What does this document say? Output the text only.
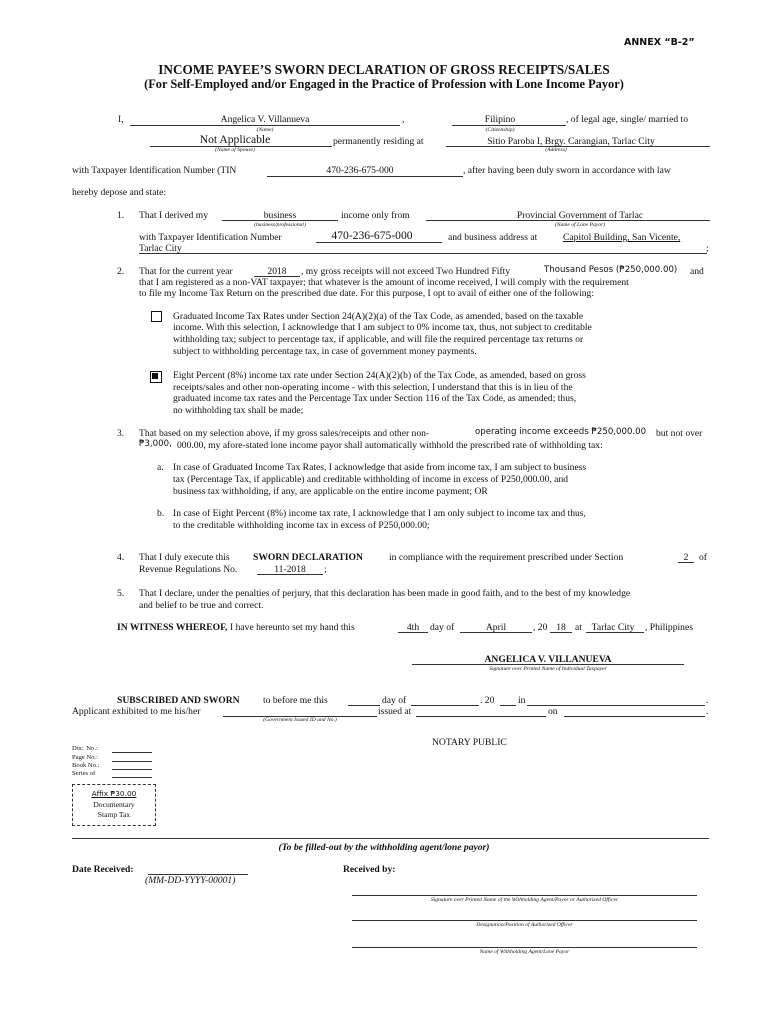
ANNEX “B-2”
INCOME PAYEE’S SWORN DECLARATION OF GROSS RECEIPTS/SALES
(For Self-Employed and/or Engaged in the Practice of Profession with Lone Income Payor)
I,	Angelica V. Villanueva	,	Filipino	, of legal age, single/ married to
(Name)	(Citizenship)
Not Applicable	permanently residing at	Sitio Paroba I, Brgy. Carangian, Tarlac City
(Name of Spouse)	(Address)
with Taxpayer Identification Number (TIN	470-236-675-000	, after having been duly sworn in accordance with law
hereby depose and state:
1. That I derived my	business	income only from	Provincial Government of Tarlac
(business/professional)	(Name of Lone Payor)
with Taxpayer Identification Number	470-236-675-000	and business address at	Capitol Building, San Vicente,
Tarlac City	;
2. That for the current year	2018	, my gross receipts will not exceed Two Hundred Fifty	Thousand Pesos (₱250,000.00) and
that I am registered as a non-VAT taxpayer; that whatever is the amount of income received, I will comply with the requirement
to file my Income Tax Return on the prescribed due date. For this purpose, I opt to avail of either one of the following:
Graduated Income Tax Rates under Section 24(A)(2)(a) of the Tax Code, as amended, based on the taxable
income. With this selection, I acknowledge that I am subject to 0% income tax, thus, not subject to creditable
withholding tax; subject to percentage tax, if applicable, and will file the required percentage tax returns or
subject to withholding percentage tax, in case of government money payments.
Eight Percent (8%) income tax rate under Section 24(A)(2)(b) of the Tax Code, as amended, based on gross
receipts/sales and other non-operating income - with this selection, I understand that this is in lieu of the
graduated income tax rates and the Percentage Tax under Section 116 of the Tax Code, as amended; thus,
no withholding tax shall be made;
3. That based on my selection above, if my gross sales/receipts and other non-	operating income exceeds ₱250,000.00 but not over
₱3,000, 000.00, my afore-stated lone income payor shall automatically withhold the prescribed rate of withholding tax:
a. In case of Graduated Income Tax Rates, I acknowledge that aside from income tax, I am subject to business
tax (Percentage Tax, if applicable) and creditable withholding of income in excess of P250,000.00, and
business tax withholding, if any, are applicable on the entire income payment; OR
b. In case of Eight Percent (8%) income tax rate, I acknowledge that I am only subject to income tax and thus,
to the creditable withholding income tax in excess of P250,000.00;
4. That I duly execute this SWORN DECLARATION	in compliance with the requirement prescribed under Section	2	of
Revenue Regulations No.	11-2018	;
5. That I declare, under the penalties of perjury, that this declaration has been made in good faith, and to the best of my knowledge
and belief to be true and correct.
IN WITNESS WHEREOF, I have hereunto set my hand this	4th	day of	April	, 20 18 at	Tarlac City	, Philippines
ANGELICA V. VILLANUEVA
Signature over Printed Name of Individual Taxpayer
SUBSCRIBED AND SWORN to before me this	day of	. 20 in	.
Applicant exhibited to me his/her	issued at	on	.
(Government Issued ID and No.)
NOTARY PUBLIC
Doc. No.:
Page No.:
Book No.:
Series of
Affix ₱30.00
Documentary
Stamp Tax
(To be filled-out by the withholding agent/lone payor)
Date Received:
(MM-DD-YYYY-00001)
Received by:
Signature over Printed Name of the Withholding Agent/Payor or Authorized Officer
Designation/Position of Authorized Officer
Name of Withholding Agent/Lone Payor
